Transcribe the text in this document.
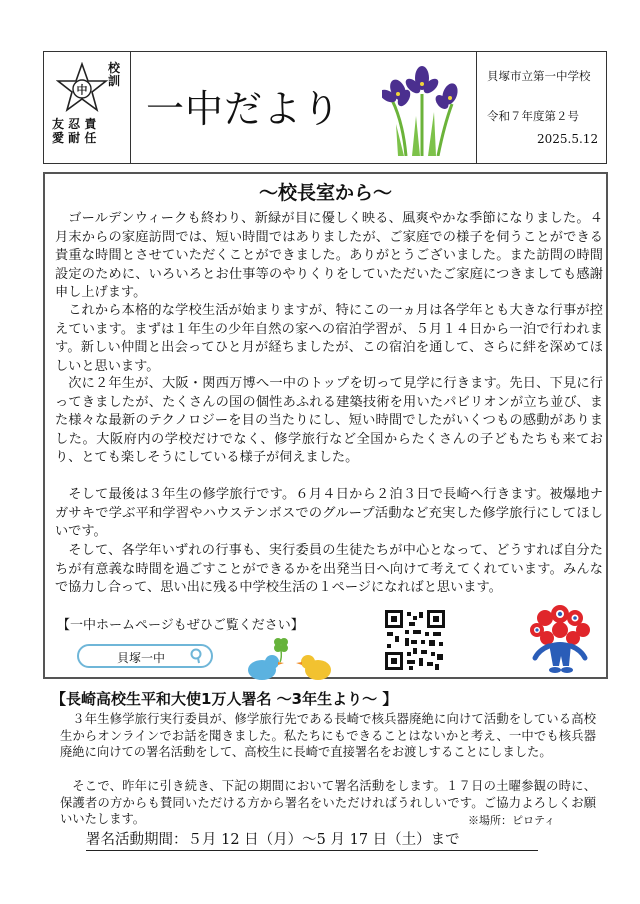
中
校訓
友 忍 責
愛 耐 任
一中だより
貝塚市立第一中学校
令和７年度第２号
2025.5.12
～校長室から～
ゴールデンウィークも終わり、新緑が目に優しく映る、風爽やかな季節になりました。４月末からの家庭訪問では、短い時間ではありましたが、ご家庭での様子を伺うことができる貴重な時間とさせていただくことができました。ありがとうございました。また訪問の時間設定のために、いろいろとお仕事等のやりくりをしていただいたご家庭につきましても感謝申し上げます。
これから本格的な学校生活が始まりますが、特にこの一ヵ月は各学年とも大きな行事が控えています。まずは１年生の少年自然の家への宿泊学習が、５月１４日から一泊で行われます。新しい仲間と出会ってひと月が経ちましたが、この宿泊を通して、さらに絆を深めてほしいと思います。
次に２年生が、大阪・関西万博へ一中のトップを切って見学に行きます。先日、下見に行ってきましたが、たくさんの国の個性あふれる建築技術を用いたパビリオンが立ち並び、また様々な最新のテクノロジーを目の当たりにし、短い時間でしたがいくつもの感動がありました。大阪府内の学校だけでなく、修学旅行など全国からたくさんの子どもたちも来ており、とても楽しそうにしている様子が伺えました。
そして最後は３年生の修学旅行です。６月４日から２泊３日で長崎へ行きます。被爆地ナガサキで学ぶ平和学習やハウステンボスでのグループ活動など充実した修学旅行にしてほしいです。
そして、各学年いずれの行事も、実行委員の生徒たちが中心となって、どうすれば自分たちが有意義な時間を過ごすことができるかを出発当日へ向けて考えてくれています。みんなで協力し合って、思い出に残る中学校生活の１ページになればと思います。
【一中ホームページもぜひご覧ください】
貝塚一中
【長崎高校生平和大使1万人署名 ～3年生より～ 】
３年生修学旅行実行委員が、修学旅行先である長崎で核兵器廃絶に向けて活動をしている高校生からオンラインでお話を聞きました。私たちにもできることはないかと考え、一中でも核兵器廃絶に向けての署名活動をして、高校生に長崎で直接署名をお渡しすることにしました。
そこで、昨年に引き続き、下記の期間において署名活動をします。１７日の土曜参観の時に、保護者の方からも賛同いただける方から署名をいただければうれしいです。ご協力よろしくお願いいたします。	※場所：ピロティ
署名活動期間：５月 12 日（月）～5 月 17 日（土）まで
